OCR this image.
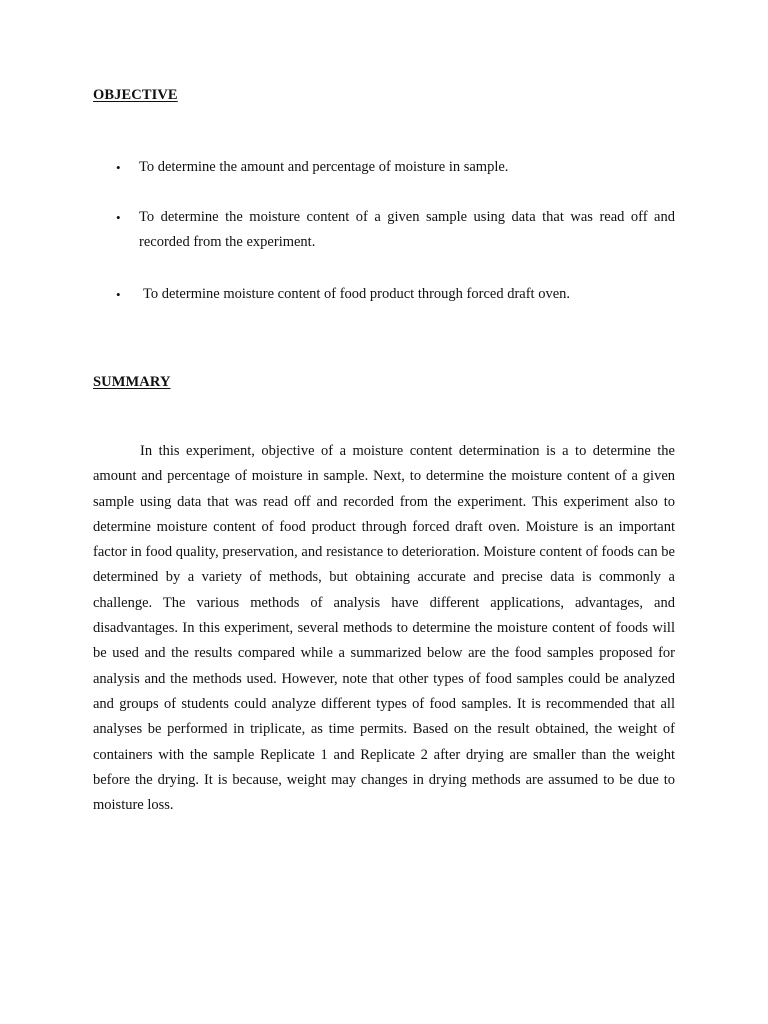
OBJECTIVE
•	To determine the amount and percentage of moisture in sample.
•	To determine the moisture content of a given sample using data that was read off and recorded from the experiment.
•	To determine moisture content of food product through forced draft oven.
SUMMARY

In this experiment, objective of a moisture content determination is a to determine the amount and percentage of moisture in sample. Next, to determine the moisture content of a given sample using data that was read off and recorded from the experiment. This experiment also to determine moisture content of food product through forced draft oven. Moisture is an important factor in food quality, preservation, and resistance to deterioration. Moisture content of foods can be determined by a variety of methods, but obtaining accurate and precise data is commonly a challenge. The various methods of analysis have different applications, advantages, and disadvantages. In this experiment, several methods to determine the moisture content of foods will be used and the results compared while a summarized below are the food samples proposed for analysis and the methods used. However, note that other types of food samples could be analyzed and groups of students could analyze different types of food samples. It is recommended that all analyses be performed in triplicate, as time permits. Based on the result obtained, the weight of containers with the sample Replicate 1 and Replicate 2 after drying are smaller than the weight before the drying. It is because, weight may changes in drying methods are assumed to be due to moisture loss.
